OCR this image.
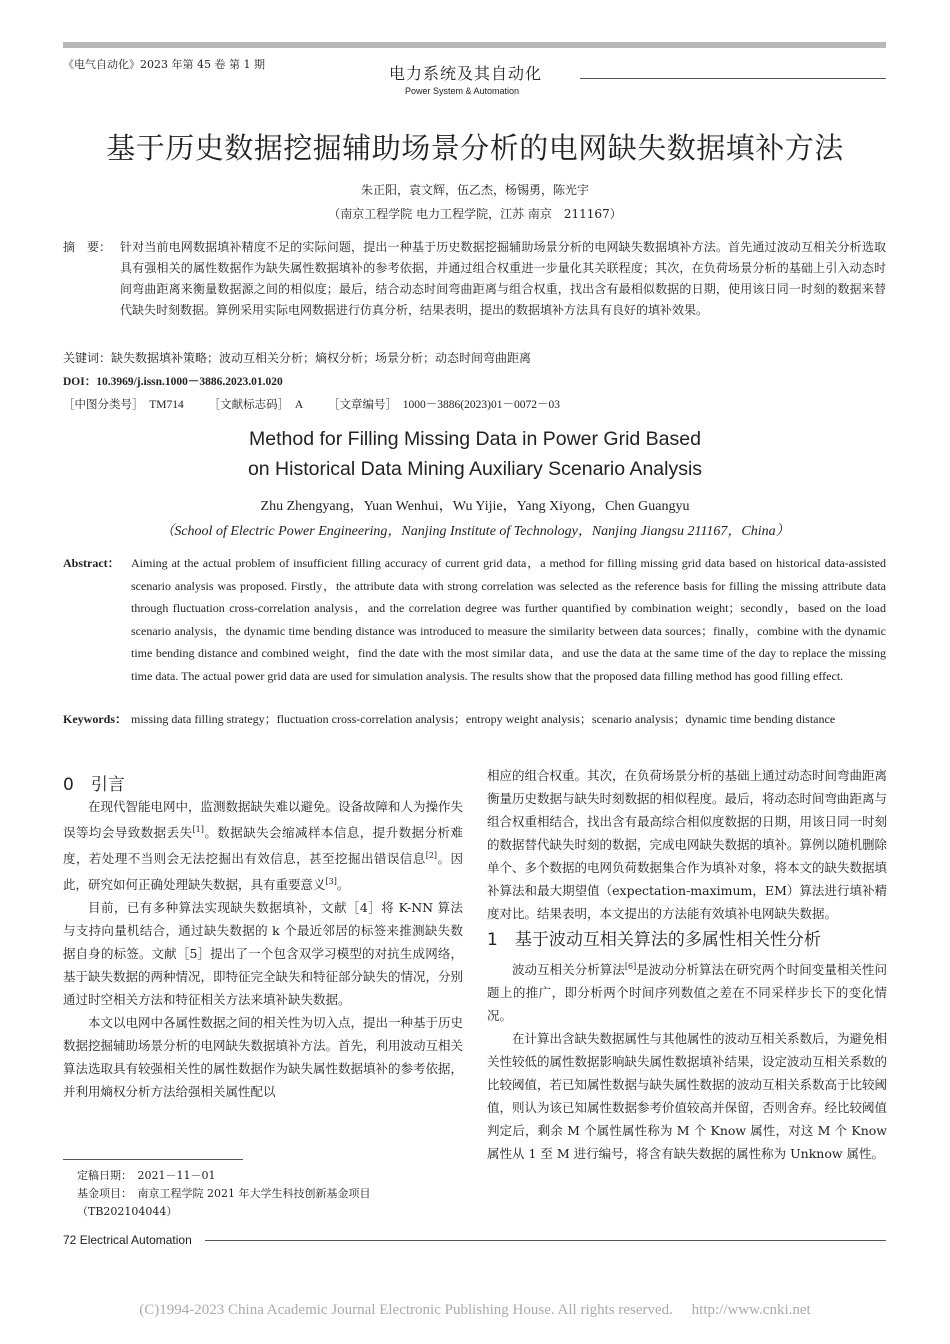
《电气自动化》2023 年第 45 卷 第 1 期	电力系统及其自动化
Power System & Automation
基于历史数据挖掘辅助场景分析的电网缺失数据填补方法
朱正阳，袁文辉，伍乙杰，杨锡勇，陈光宇
（南京工程学院 电力工程学院，江苏 南京　211167）
摘　要： 针对当前电网数据填补精度不足的实际问题，提出一种基于历史数据挖掘辅助场景分析的电网缺失数据填补方法。首先通过波动互相关分析选取具有强相关的属性数据作为缺失属性数据填补的参考依据，并通过组合权重进一步量化其关联程度；其次，在负荷场景分析的基础上引入动态时间弯曲距离来衡量数据源之间的相似度；最后，结合动态时间弯曲距离与组合权重，找出含有最相似数据的日期，使用该日同一时刻的数据来替代缺失时刻数据。算例采用实际电网数据进行仿真分析，结果表明，提出的数据填补方法具有良好的填补效果。
关键词：缺失数据填补策略；波动互相关分析；熵权分析；场景分析；动态时间弯曲距离
DOI：10.3969/j.issn.1000－3886.2023.01.020
［中图分类号］　TM714 ［文献标志码］　A ［文章编号］　1000－3886(2023)01－0072－03
Method for Filling Missing Data in Power Grid Based
on Historical Data Mining Auxiliary Scenario Analysis
Zhu Zhengyang，Yuan Wenhui，Wu Yijie，Yang Xiyong，Chen Guangyu
（School of Electric Power Engineering，Nanjing Institute of Technology，Nanjing Jiangsu 211167，China）
Abstract： Aiming at the actual problem of insufficient filling accuracy of current grid data，a method for filling missing grid data based on historical data-assisted scenario analysis was proposed. Firstly，the attribute data with strong correlation was selected as the reference basis for filling the missing attribute data through fluctuation cross-correlation analysis，and the correlation degree was further quantified by combination weight；secondly，based on the load scenario analysis，the dynamic time bending distance was introduced to measure the similarity between data sources；finally，combine with the dynamic time bending distance and combined weight，find the date with the most similar data，and use the data at the same time of the day to replace the missing time data. The actual power grid data are used for simulation analysis. The results show that the proposed data filling method has good filling effect.
Keywords： missing data filling strategy；fluctuation cross-correlation analysis；entropy weight analysis；scenario analysis；dynamic time bending distance
0　引言

在现代智能电网中，监测数据缺失难以避免。设备故障和人为操作失误等均会导致数据丢失[1]。数据缺失会缩减样本信息，提升数据分析难度，若处理不当则会无法挖掘出有效信息，甚至挖掘出错误信息[2]。因此，研究如何正确处理缺失数据，具有重要意义[3]。

目前，已有多种算法实现缺失数据填补，文献［4］将 K-NN 算法与支持向量机结合，通过缺失数据的 k 个最近邻居的标签来推测缺失数据自身的标签。文献［5］提出了一个包含双学习模型的对抗生成网络，基于缺失数据的两种情况，即特征完全缺失和特征部分缺失的情况，分别通过时空相关方法和特征相关方法来填补缺失数据。

本文以电网中各属性数据之间的相关性为切入点，提出一种基于历史数据挖掘辅助场景分析的电网缺失数据填补方法。首先，利用波动互相关算法选取具有较强相关性的属性数据作为缺失属性数据填补的参考依据，并利用熵权分析方法给强相关属性配以

相应的组合权重。其次，在负荷场景分析的基础上通过动态时间弯曲距离衡量历史数据与缺失时刻数据的相似程度。最后，将动态时间弯曲距离与组合权重相结合，找出含有最高综合相似度数据的日期，用该日同一时刻的数据替代缺失时刻的数据，完成电网缺失数据的填补。算例以随机删除单个、多个数据的电网负荷数据集合作为填补对象，将本文的缺失数据填补算法和最大期望值（expectation-maximum，EM）算法进行填补精度对比。结果表明，本文提出的方法能有效填补电网缺失数据。

1　基于波动互相关算法的多属性相关性分析

波动互相关分析算法[6]是波动分析算法在研究两个时间变量相关性问题上的推广，即分析两个时间序列数值之差在不同采样步长下的变化情况。

在计算出含缺失数据属性与其他属性的波动互相关系数后，为避免相关性较低的属性数据影响缺失属性数据填补结果，设定波动互相关系数的比较阈值，若已知属性数据与缺失属性数据的波动互相关系数高于比较阈值，则认为该已知属性数据参考价值较高并保留，否则舍弃。经比较阈值判定后，剩余 M 个属性属性称为 M 个 Know 属性，对这 M 个 Know 属性从 1 至 M 进行编号，将含有缺失数据的属性称为 Unknow 属性。

定稿日期：　2021－11－01
基金项目：　南京工程学院 2021 年大学生科技创新基金项目（TB202104044）
72 Electrical Automation
(C)1994-2023 China Academic Journal Electronic Publishing House. All rights reserved.　 http://www.cnki.net
